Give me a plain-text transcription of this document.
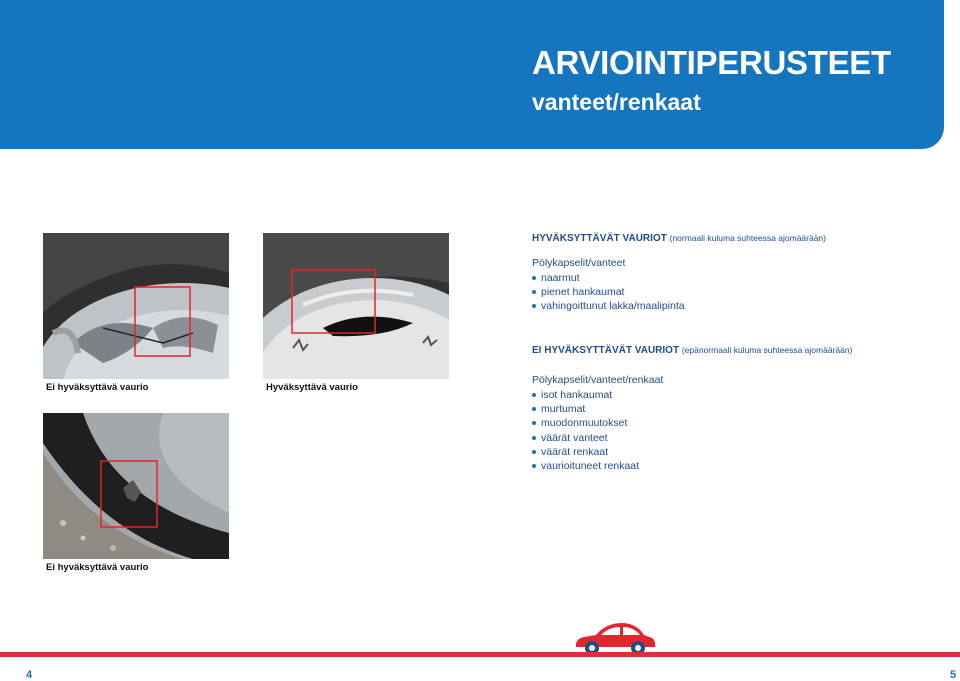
ARVIOINTIPERUSTEET
vanteet/renkaat
Ei hyväksyttävä vaurio	Hyväksyttävä vaurio
Ei hyväksyttävä vaurio

HYVÄKSYTTÄVÄT VAURIOT (normaali kuluma suhteessa ajomäärään)

Pölykapselit/vanteet

naarmut
pienet hankaumat
vahingoittunut lakka/maalipinta

EI HYVÄKSYTTÄVÄT VAURIOT (epänormaali kuluma suhteessa ajomäärään)

Pölykapselit/vanteet/renkaat

isot hankaumat
murtumat
muodonmuutokset
väärät vanteet
väärät renkaat
vaurioituneet renkaat
4	5
